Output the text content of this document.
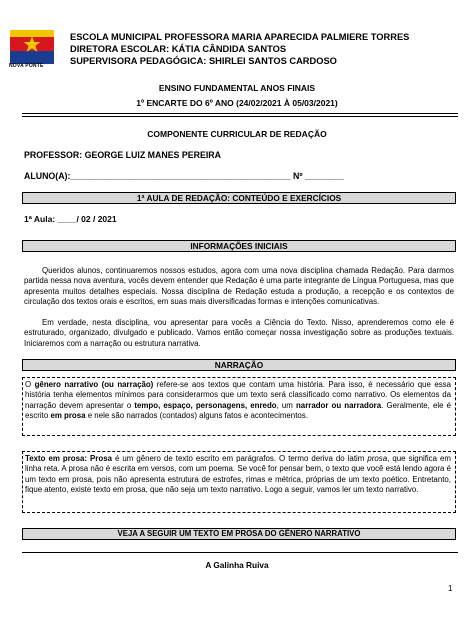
NOVA PONTE
ESCOLA MUNICIPAL PROFESSORA MARIA APARECIDA PALMIERE TORRES
DIRETORA ESCOLAR: KÁTIA CÂNDIDA SANTOS
SUPERVISORA PEDAGÓGICA: SHIRLEI SANTOS CARDOSO
ENSINO FUNDAMENTAL ANOS FINAIS
1º ENCARTE DO 6º ANO (24/02/2021 À 05/03/2021)
COMPONENTE CURRICULAR DE REDAÇÃO
PROFESSOR: GEORGE LUIZ MANES PEREIRA
ALUNO(A):_____________________________________________ Nº ________
1ª AULA DE REDAÇÃO: CONTEÚDO E EXERCÍCIOS
1ª Aula: ____/ 02 / 2021
INFORMAÇÕES INICIAIS

Queridos alunos, continuaremos nossos estudos, agora com uma nova disciplina chamada Redação. Para darmos partida nessa nova aventura, vocês devem entender que Redação é uma parte integrante de Língua Portuguesa, mas que apresenta muitos detalhes especiais. Nossa disciplina de Redação estuda a produção, a recepção e os contextos de circulação dos textos orais e escritos, em suas mais diversificadas formas e intenções comunicativas.

Em verdade, nesta disciplina, vou apresentar para vocês a Ciência do Texto. Nisso, aprenderemos como ele é estruturado, organizado, divulgado e publicado. Vamos então começar nossa investigação sobre as produções textuais. Iniciaremos com a narração ou estrutura narrativa.

NARRAÇÃO

O gênero narrativo (ou narração) refere-se aos textos que contam uma história. Para isso, é necessário que essa história tenha elementos mínimos para considerarmos que um texto será classificado como narrativo. Os elementos da narração devem apresentar o tempo, espaço, personagens, enredo, um narrador ou narradora. Geralmente, ele é escrito em prosa e nele são narrados (contados) alguns fatos e acontecimentos.

Texto em prosa: Prosa é um gênero de texto escrito em parágrafos. O termo deriva do latim prosa, que significa em linha reta. A prosa não é escrita em versos, com um poema. Se você for pensar bem, o texto que você está lendo agora é um texto em prosa, pois não apresenta estrutura de estrofes, rimas e métrica, próprias de um texto poético. Entretanto, fique atento, existe texto em prosa, que não seja um texto narrativo. Logo a seguir, vamos ler um texto narrativo.

VEJA A SEGUIR UM TEXTO EM PROSA DO GÊNERO NARRATIVO
A Galinha Ruiva
1
